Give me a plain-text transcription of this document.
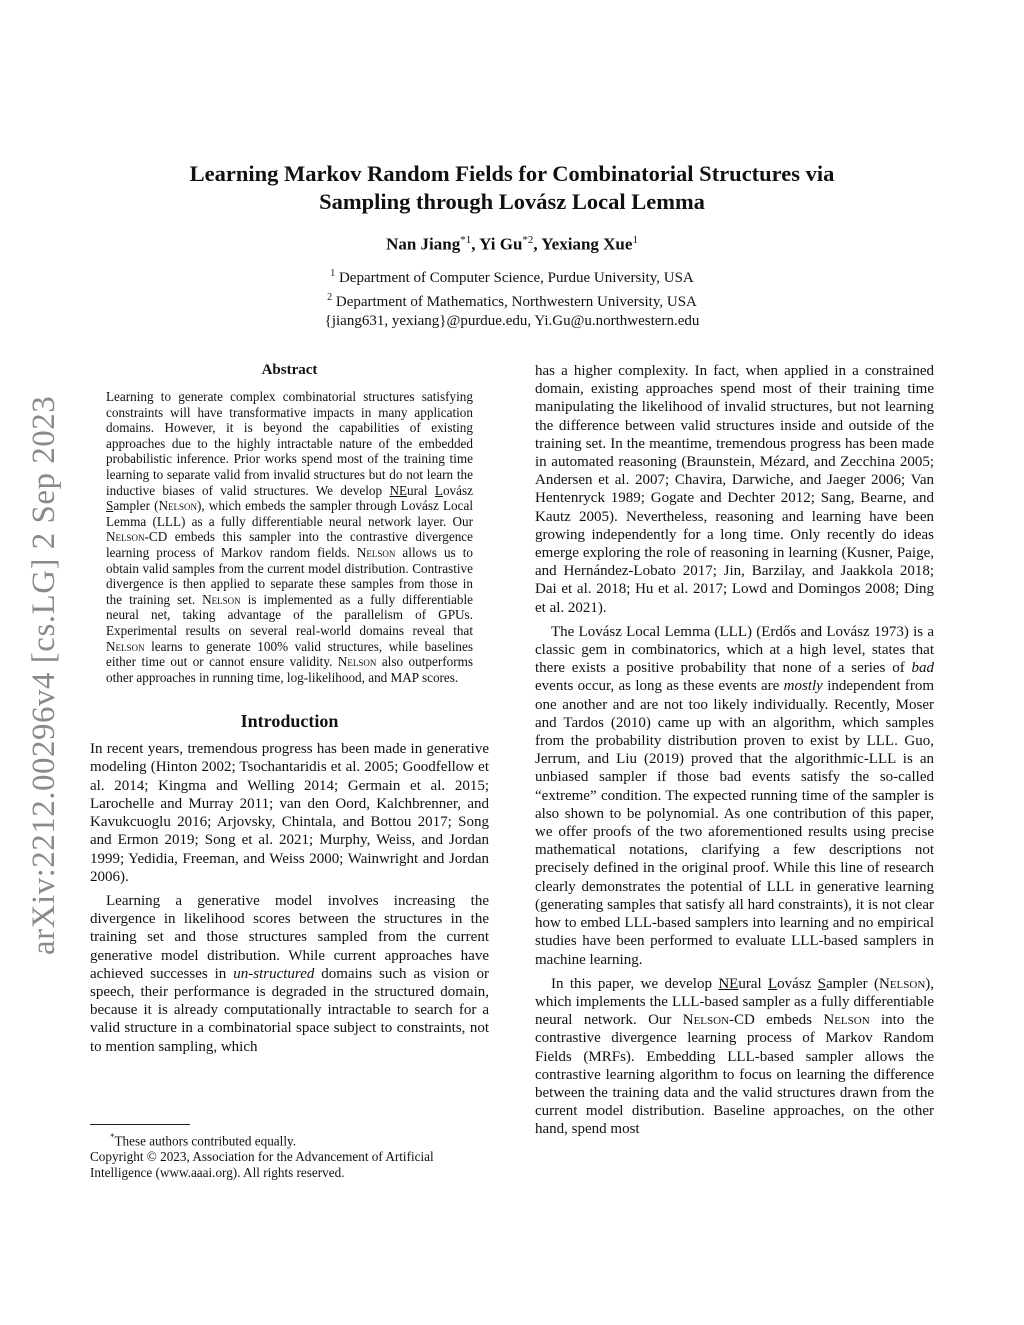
arXiv:2212.00296v4 [cs.LG] 2 Sep 2023
Learning Markov Random Fields for Combinatorial Structures via
Sampling through Lovász Local Lemma
Nan Jiang$^{*1}$, Yi Gu$^{*2}$, Yexiang Xue$^1$
$^1$ Department of Computer Science, Purdue University, USA
$^2$ Department of Mathematics, Northwestern University, USA
{jiang631, yexiang}@purdue.edu, Yi.Gu@u.northwestern.edu
Abstract

Learning to generate complex combinatorial structures satisfying constraints will have transformative impacts in many application domains. However, it is beyond the capabilities of existing approaches due to the highly intractable nature of the embedded probabilistic inference. Prior works spend most of the training time learning to separate valid from invalid structures but do not learn the inductive biases of valid structures. We develop NEural Lovász Sampler (Nelson), which embeds the sampler through Lovász Local Lemma (LLL) as a fully differentiable neural network layer. Our Nelson-CD embeds this sampler into the contrastive divergence learning process of Markov random fields. Nelson allows us to obtain valid samples from the current model distribution. Contrastive divergence is then applied to separate these samples from those in the training set. Nelson is implemented as a fully differentiable neural net, taking advantage of the parallelism of GPUs. Experimental results on several real-world domains reveal that Nelson learns to generate 100% valid structures, while baselines either time out or cannot ensure validity. Nelson also outperforms other approaches in running time, log-likelihood, and MAP scores.

Introduction

In recent years, tremendous progress has been made in generative modeling (Hinton 2002; Tsochantaridis et al. 2005; Goodfellow et al. 2014; Kingma and Welling 2014; Germain et al. 2015; Larochelle and Murray 2011; van den Oord, Kalchbrenner, and Kavukcuoglu 2016; Arjovsky, Chintala, and Bottou 2017; Song and Ermon 2019; Song et al. 2021; Murphy, Weiss, and Jordan 1999; Yedidia, Freeman, and Weiss 2000; Wainwright and Jordan 2006).

Learning a generative model involves increasing the divergence in likelihood scores between the structures in the training set and those structures sampled from the current generative model distribution. While current approaches have achieved successes in un-structured domains such as vision or speech, their performance is degraded in the structured domain, because it is already computationally intractable to search for a valid structure in a combinatorial space subject to constraints, not to mention sampling, which

*These authors contributed equally.
Copyright © 2023, Association for the Advancement of Artificial Intelligence (www.aaai.org). All rights reserved.

has a higher complexity. In fact, when applied in a constrained domain, existing approaches spend most of their training time manipulating the likelihood of invalid structures, but not learning the difference between valid structures inside and outside of the training set. In the meantime, tremendous progress has been made in automated reasoning (Braunstein, Mézard, and Zecchina 2005; Andersen et al. 2007; Chavira, Darwiche, and Jaeger 2006; Van Hentenryck 1989; Gogate and Dechter 2012; Sang, Bearne, and Kautz 2005). Nevertheless, reasoning and learning have been growing independently for a long time. Only recently do ideas emerge exploring the role of reasoning in learning (Kusner, Paige, and Hernández-Lobato 2017; Jin, Barzilay, and Jaakkola 2018; Dai et al. 2018; Hu et al. 2017; Lowd and Domingos 2008; Ding et al. 2021).

The Lovász Local Lemma (LLL) (Erdős and Lovász 1973) is a classic gem in combinatorics, which at a high level, states that there exists a positive probability that none of a series of bad events occur, as long as these events are mostly independent from one another and are not too likely individually. Recently, Moser and Tardos (2010) came up with an algorithm, which samples from the probability distribution proven to exist by LLL. Guo, Jerrum, and Liu (2019) proved that the algorithmic-LLL is an unbiased sampler if those bad events satisfy the so-called “extreme” condition. The expected running time of the sampler is also shown to be polynomial. As one contribution of this paper, we offer proofs of the two aforementioned results using precise mathematical notations, clarifying a few descriptions not precisely defined in the original proof. While this line of research clearly demonstrates the potential of LLL in generative learning (generating samples that satisfy all hard constraints), it is not clear how to embed LLL-based samplers into learning and no empirical studies have been performed to evaluate LLL-based samplers in machine learning.

In this paper, we develop NEural Lovász Sampler (Nelson), which implements the LLL-based sampler as a fully differentiable neural network. Our Nelson-CD embeds Nelson into the contrastive divergence learning process of Markov Random Fields (MRFs). Embedding LLL-based sampler allows the contrastive learning algorithm to focus on learning the difference between the training data and the valid structures drawn from the current model distribution. Baseline approaches, on the other hand, spend most
